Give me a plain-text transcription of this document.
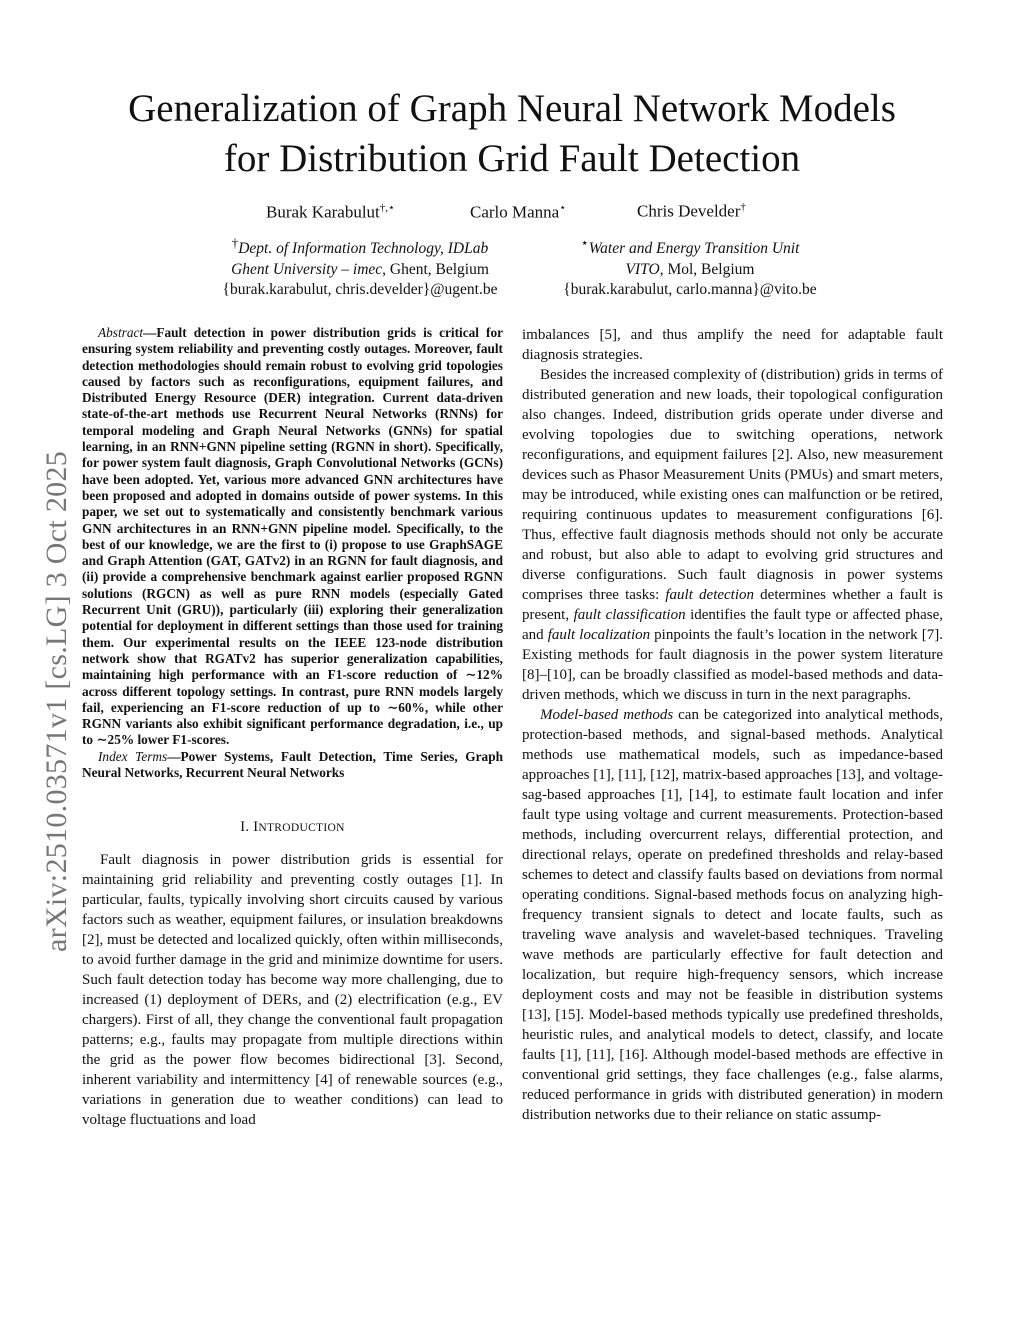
arXiv:2510.03571v1 [cs.LG] 3 Oct 2025
Generalization of Graph Neural Network Models
for Distribution Grid Fault Detection
Burak Karabulut†,⋆	Carlo Manna⋆	Chris Develder†
†Dept. of Information Technology, IDLab
Ghent University – imec, Ghent, Belgium
{burak.karabulut, chris.develder}@ugent.be
⋆Water and Energy Transition Unit
VITO, Mol, Belgium
{burak.karabulut, carlo.manna}@vito.be

Abstract—Fault detection in power distribution grids is critical for ensuring system reliability and preventing costly outages. Moreover, fault detection methodologies should remain robust to evolving grid topologies caused by factors such as reconfigurations, equipment failures, and Distributed Energy Resource (DER) integration. Current data-driven state-of-the-art methods use Recurrent Neural Networks (RNNs) for temporal modeling and Graph Neural Networks (GNNs) for spatial learning, in an RNN+GNN pipeline setting (RGNN in short). Specifically, for power system fault diagnosis, Graph Convolutional Networks (GCNs) have been adopted. Yet, various more advanced GNN architectures have been proposed and adopted in domains outside of power systems. In this paper, we set out to systematically and consistently benchmark various GNN architectures in an RNN+GNN pipeline model. Specifically, to the best of our knowledge, we are the first to (i) propose to use GraphSAGE and Graph Attention (GAT, GATv2) in an RGNN for fault diagnosis, and (ii) provide a comprehensive benchmark against earlier proposed RGNN solutions (RGCN) as well as pure RNN models (especially Gated Recurrent Unit (GRU)), particularly (iii) exploring their generalization potential for deployment in different settings than those used for training them. Our experimental results on the IEEE 123-node distribution network show that RGATv2 has superior generalization capabilities, maintaining high performance with an F1-score reduction of ∼12% across different topology settings. In contrast, pure RNN models largely fail, experiencing an F1-score reduction of up to ∼60%, while other RGNN variants also exhibit significant performance degradation, i.e., up to ∼25% lower F1-scores.

Index Terms—Power Systems, Fault Detection, Time Series, Graph Neural Networks, Recurrent Neural Networks

I. INTRODUCTION

Fault diagnosis in power distribution grids is essential for maintaining grid reliability and preventing costly outages [1]. In particular, faults, typically involving short circuits caused by various factors such as weather, equipment failures, or insulation breakdowns [2], must be detected and localized quickly, often within milliseconds, to avoid further damage in the grid and minimize downtime for users. Such fault detection today has become way more challenging, due to increased (1) deployment of DERs, and (2) electrification (e.g., EV chargers). First of all, they change the conventional fault propagation patterns; e.g., faults may propagate from multiple directions within the grid as the power flow becomes bidirectional [3]. Second, inherent variability and intermittency [4] of renewable sources (e.g., variations in generation due to weather conditions) can lead to voltage fluctuations and load

imbalances [5], and thus amplify the need for adaptable fault diagnosis strategies.

Besides the increased complexity of (distribution) grids in terms of distributed generation and new loads, their topological configuration also changes. Indeed, distribution grids operate under diverse and evolving topologies due to switching operations, network reconfigurations, and equipment failures [2]. Also, new measurement devices such as Phasor Measurement Units (PMUs) and smart meters, may be introduced, while existing ones can malfunction or be retired, requiring continuous updates to measurement configurations [6]. Thus, effective fault diagnosis methods should not only be accurate and robust, but also able to adapt to evolving grid structures and diverse configurations. Such fault diagnosis in power systems comprises three tasks: fault detection determines whether a fault is present, fault classification identifies the fault type or affected phase, and fault localization pinpoints the fault’s location in the network [7]. Existing methods for fault diagnosis in the power system literature [8]–[10], can be broadly classified as model-based methods and data-driven methods, which we discuss in turn in the next paragraphs.

Model-based methods can be categorized into analytical methods, protection-based methods, and signal-based methods. Analytical methods use mathematical models, such as impedance-based approaches [1], [11], [12], matrix-based approaches [13], and voltage-sag-based approaches [1], [14], to estimate fault location and infer fault type using voltage and current measurements. Protection-based methods, including overcurrent relays, differential protection, and directional relays, operate on predefined thresholds and relay-based schemes to detect and classify faults based on deviations from normal operating conditions. Signal-based methods focus on analyzing high-frequency transient signals to detect and locate faults, such as traveling wave analysis and wavelet-based techniques. Traveling wave methods are particularly effective for fault detection and localization, but require high-frequency sensors, which increase deployment costs and may not be feasible in distribution systems [13], [15]. Model-based methods typically use predefined thresholds, heuristic rules, and analytical models to detect, classify, and locate faults [1], [11], [16]. Although model-based methods are effective in conventional grid settings, they face challenges (e.g., false alarms, reduced performance in grids with distributed generation) in modern distribution networks due to their reliance on static assump-
